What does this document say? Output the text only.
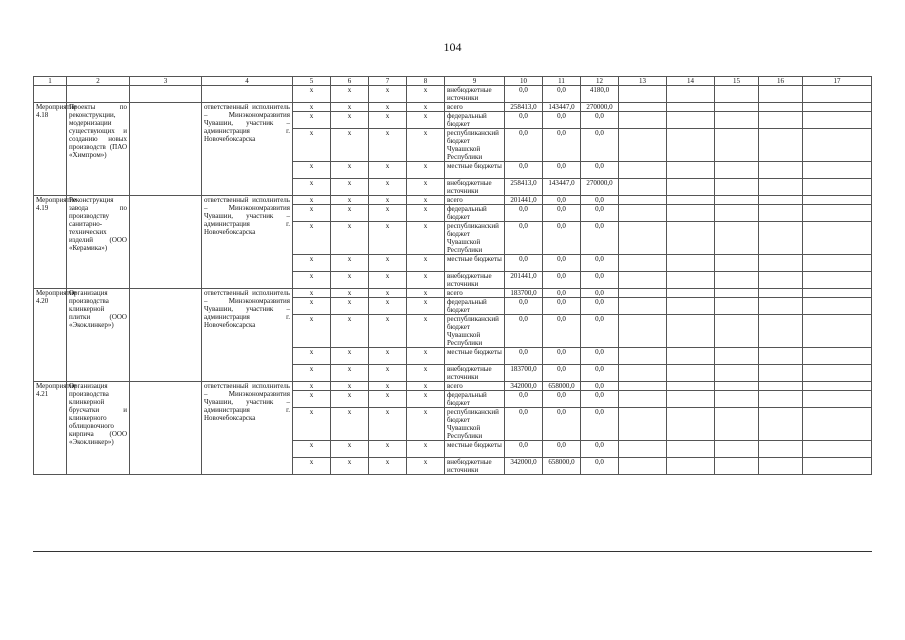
104
1	2	3	4	5	6	7	8	9	10	11	12	13	14	15	16	17
				х	х	х	х	внебюджетные источники	0,0	0,0	4180,0					
Мероприятие 4.18	Проекты по реконструкции, модернизации существующих и созданию новых производств (ПАО «Химпром»)		ответственный исполнитель – Минэкономразвития Чувашии, участник – администрация г. Новочебоксарска	х	х	х	х	всего	258413,0	143447,0	270000,0					
				х	х	х	х	федеральный бюджет	0,0	0,0	0,0					
				х	х	х	х	республиканский бюджет Чувашской Республики	0,0	0,0	0,0					
				х	х	х	х	местные бюджеты	0,0	0,0	0,0					
				х	х	х	х	внебюджетные источники	258413,0	143447,0	270000,0					
Мероприятие 4.19	Реконструкция завода по производству санитарно-технических изделий (ООО «Керамика»)		ответственный исполнитель – Минэкономразвития Чувашии, участник – администрация г. Новочебоксарска	х	х	х	х	всего	201441,0	0,0	0,0					
				х	х	х	х	федеральный бюджет	0,0	0,0	0,0					
				х	х	х	х	республиканский бюджет Чувашской Республики	0,0	0,0	0,0					
				х	х	х	х	местные бюджеты	0,0	0,0	0,0					
				х	х	х	х	внебюджетные источники	201441,0	0,0	0,0					
Мероприятие 4.20	Организация производства клинкерной плитки (ООО «Экоклинкер»)		ответственный исполнитель – Минэкономразвития Чувашии, участник – администрация г. Новочебоксарска	х	х	х	х	всего	183700,0	0,0	0,0					
				х	х	х	х	федеральный бюджет	0,0	0,0	0,0					
				х	х	х	х	республиканский бюджет Чувашской Республики	0,0	0,0	0,0					
				х	х	х	х	местные бюджеты	0,0	0,0	0,0					
				х	х	х	х	внебюджетные источники	183700,0	0,0	0,0					
Мероприятие 4.21	Организация производства клинкерной брусчатки и клинкерного облицовочного кирпича (ООО «Экоклинкер»)		ответственный исполнитель – Минэкономразвития Чувашии, участник – администрация г. Новочебоксарска	х	х	х	х	всего	342000,0	658000,0	0,0					
				х	х	х	х	федеральный бюджет	0,0	0,0	0,0					
				х	х	х	х	республиканский бюджет Чувашской Республики	0,0	0,0	0,0					
				х	х	х	х	местные бюджеты	0,0	0,0	0,0					
				х	х	х	х	внебюджетные источники	342000,0	658000,0	0,0					
